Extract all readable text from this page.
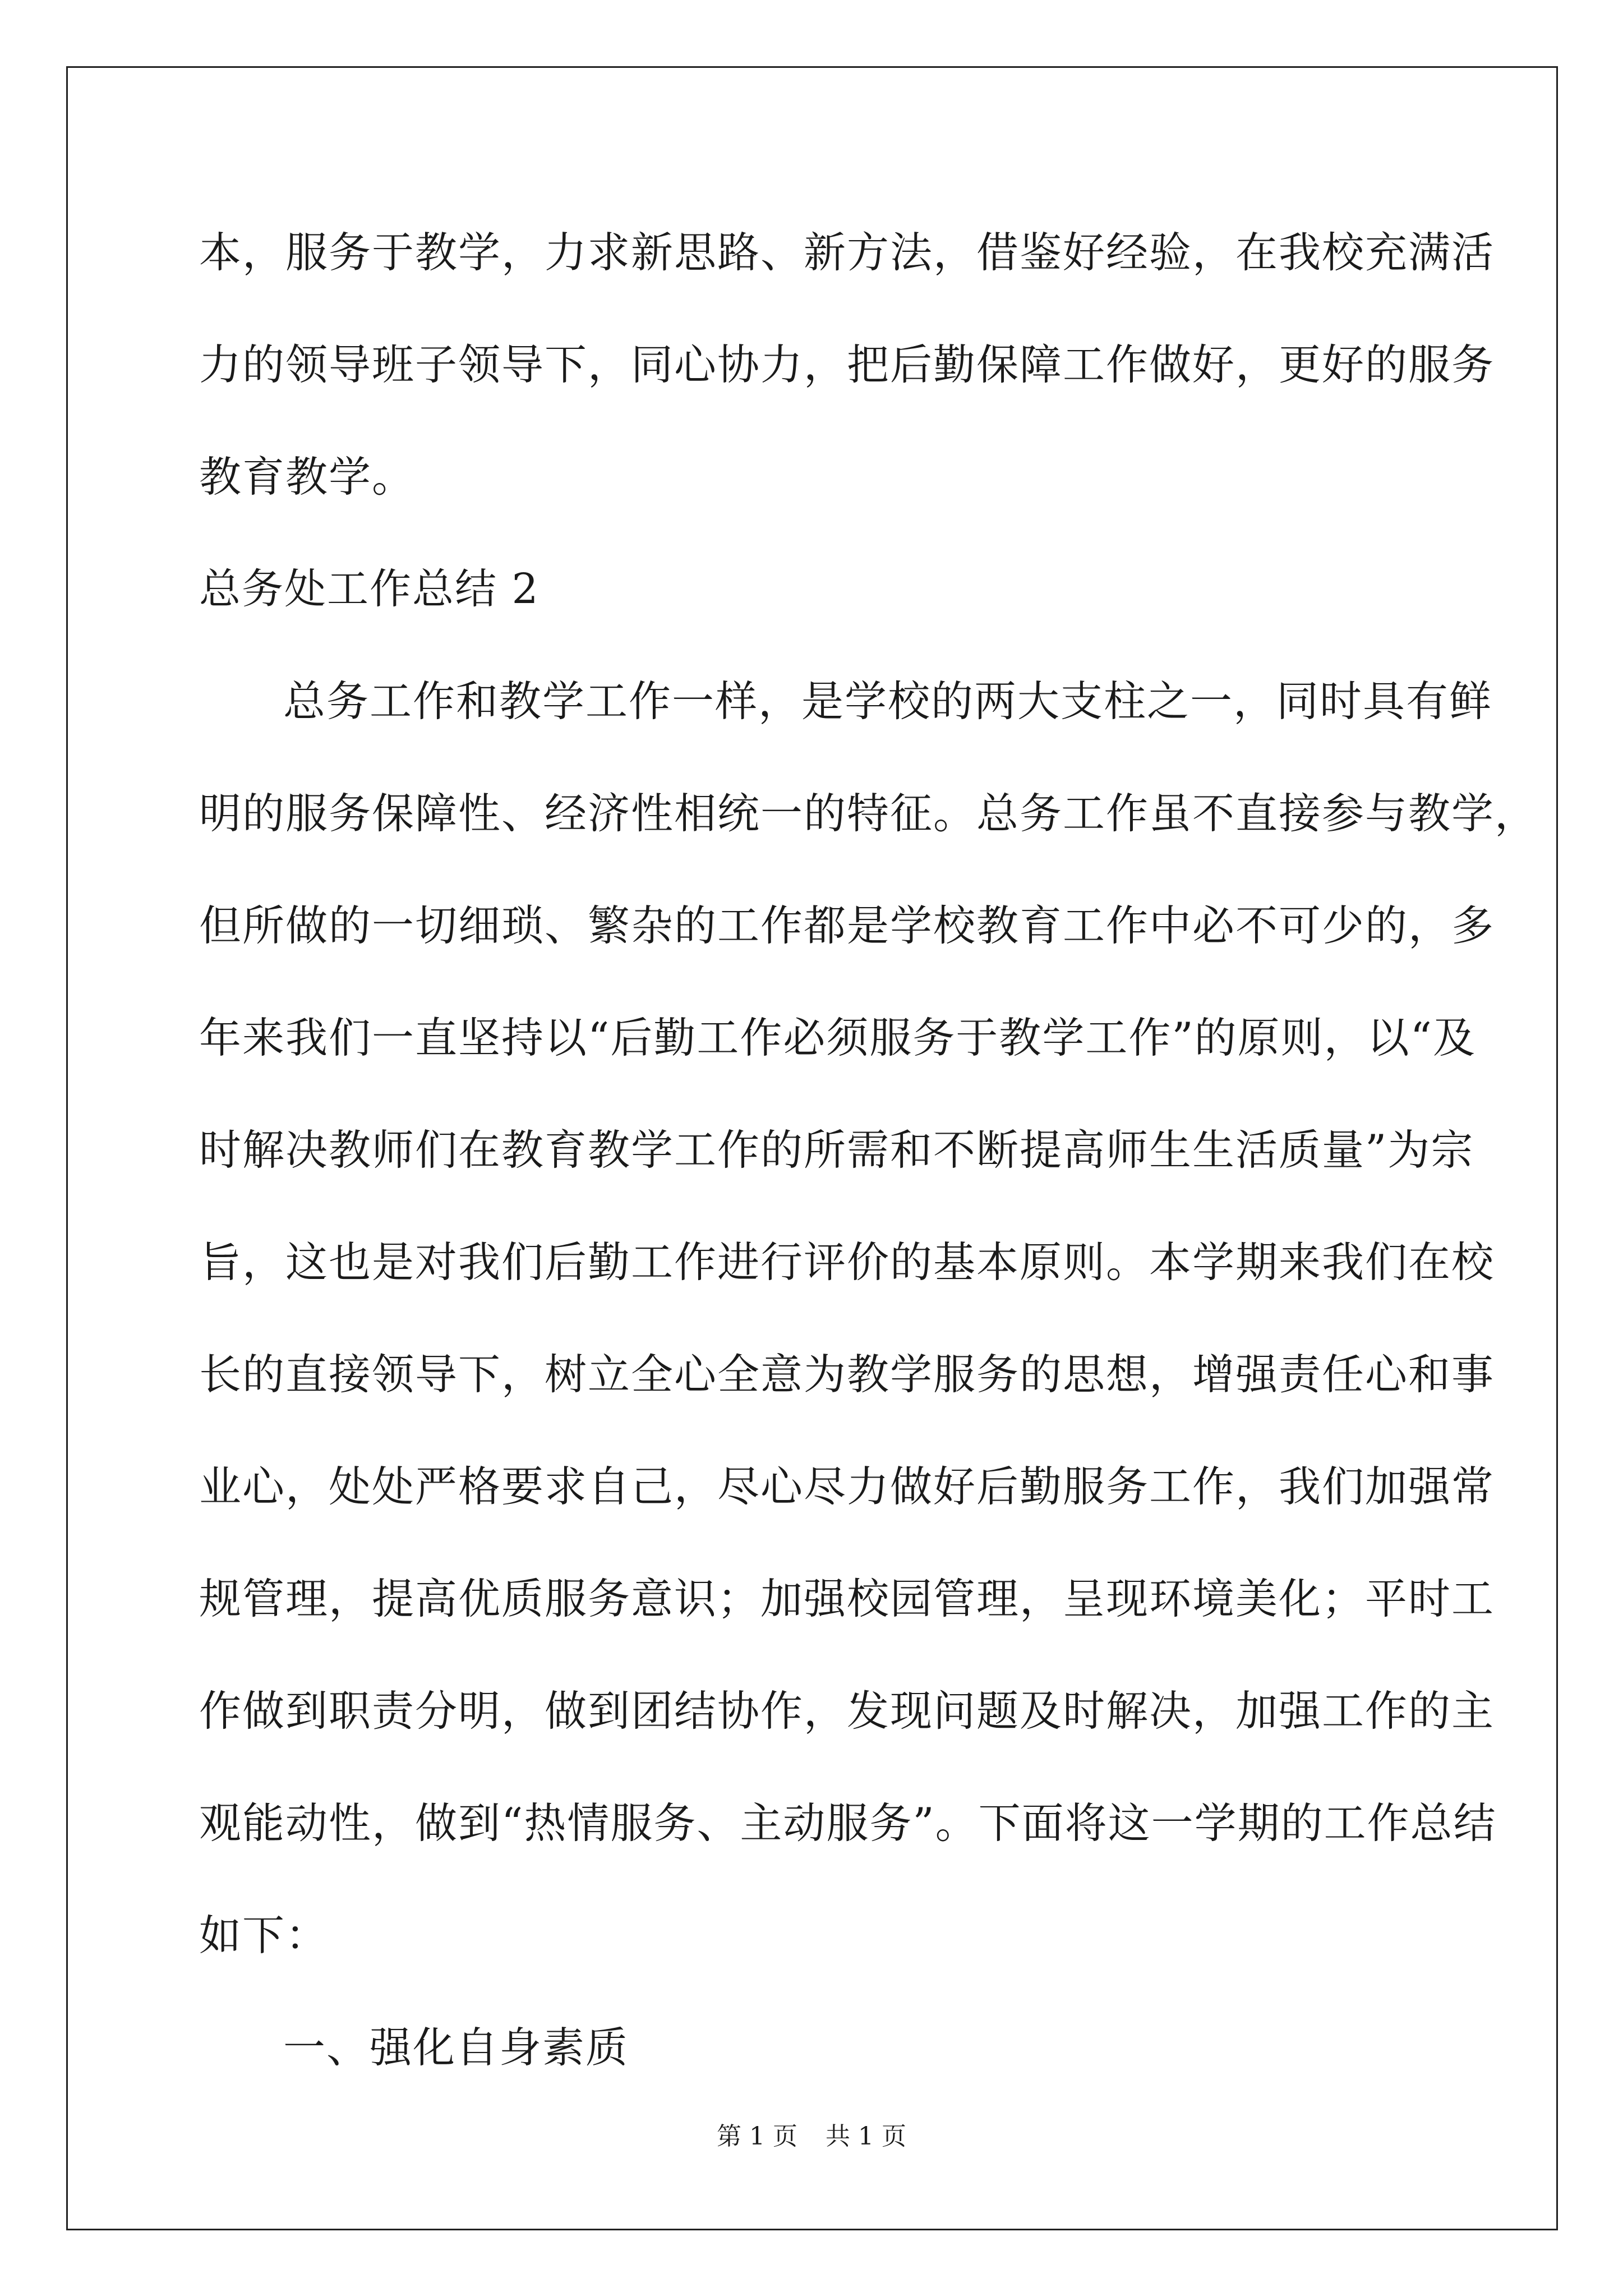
本，服务于教学，力求新思路、新方法，借鉴好经验，在我校充满活
力的领导班子领导下，同心协力，把后勤保障工作做好，更好的服务
教育教学。
总务处工作总结 2
总务工作和教学工作一样，是学校的两大支柱之一，同时具有鲜
明的服务保障性、经济性相统一的特征。总务工作虽不直接参与教学，
但所做的一切细琐、繁杂的工作都是学校教育工作中必不可少的，多
年来我们一直坚持以“后勤工作必须服务于教学工作”的原则，以“及
时解决教师们在教育教学工作的所需和不断提高师生生活质量”为宗
旨，这也是对我们后勤工作进行评价的基本原则。本学期来我们在校
长的直接领导下，树立全心全意为教学服务的思想，增强责任心和事
业心，处处严格要求自己，尽心尽力做好后勤服务工作，我们加强常
规管理，提高优质服务意识；加强校园管理，呈现环境美化；平时工
作做到职责分明，做到团结协作，发现问题及时解决，加强工作的主
观能动性，做到“热情服务、主动服务”。下面将这一学期的工作总结
如下：
一、强化自身素质
第 1 页 共 1 页
